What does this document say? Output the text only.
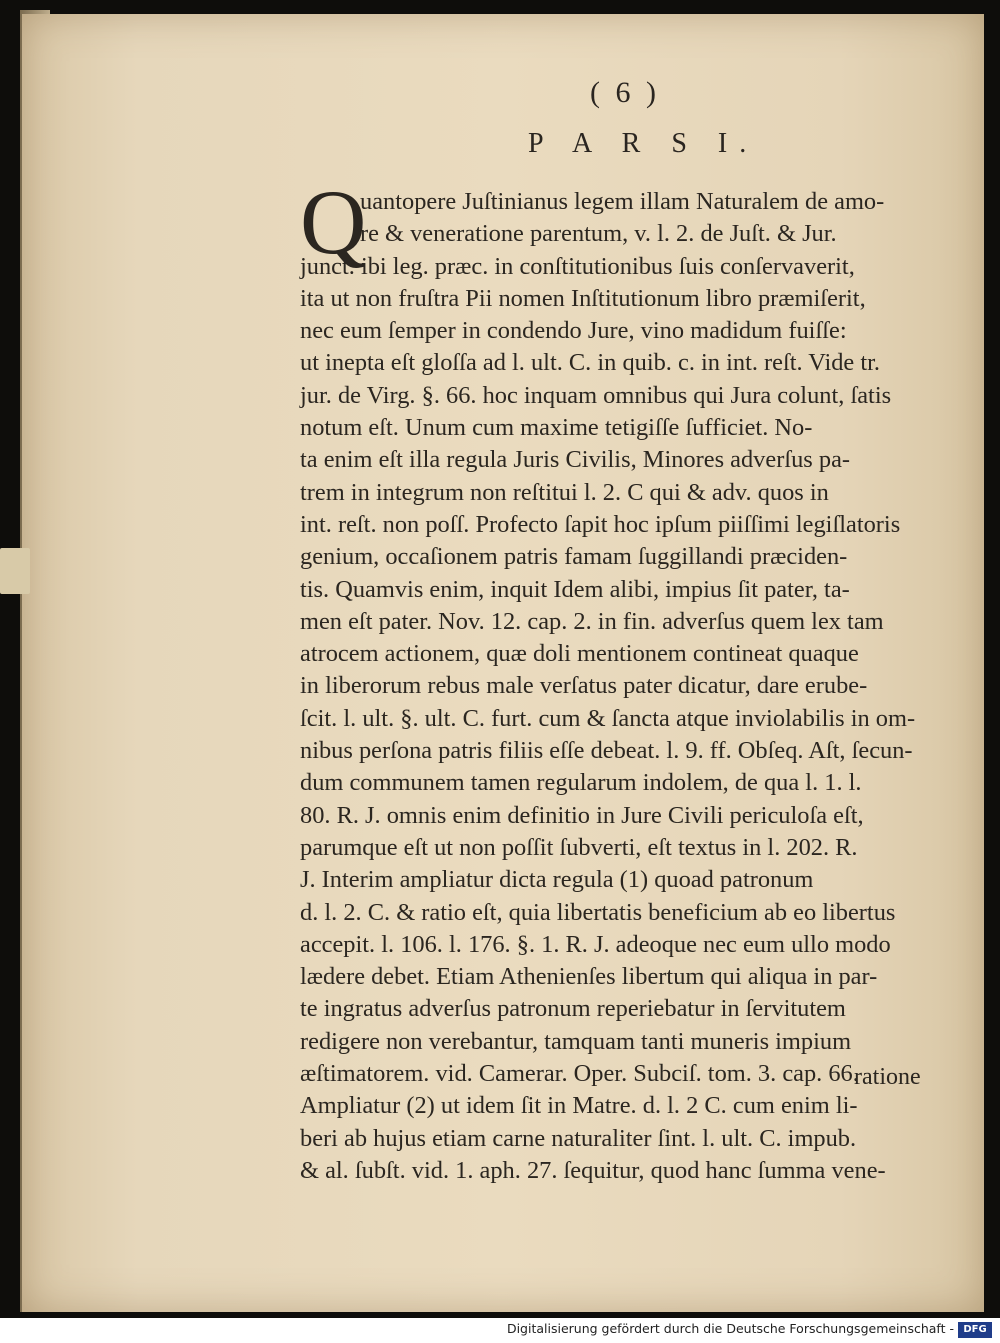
( 6 )
P A R S I.
Q
uantopere Juſtinianus legem illam Naturalem de amo-
re & veneratione parentum, v. l. 2. de Juſt. & Jur.
junct. ibi leg. præc. in conſtitutionibus ſuis conſervaverit,
ita ut non fruſtra Pii nomen Inſtitutionum libro præmiſerit,
nec eum ſemper in condendo Jure, vino madidum fuiſſe:
ut inepta eſt gloſſa ad l. ult. C. in quib. c. in int. reſt. Vide tr.
jur. de Virg. §. 66. hoc inquam omnibus qui Jura colunt, ſatis
notum eſt. Unum cum maxime tetigiſſe ſufficiet. No-
ta enim eſt illa regula Juris Civilis, Minores adverſus pa-
trem in integrum non reſtitui l. 2. C qui & adv. quos in
int. reſt. non poſſ. Profecto ſapit hoc ipſum piiſſimi legiſlatoris
genium, occaſionem patris famam ſuggillandi præciden-
tis. Quamvis enim, inquit Idem alibi, impius ſit pater, ta-
men eſt pater. Nov. 12. cap. 2. in fin. adverſus quem lex tam
atrocem actionem, quæ doli mentionem contineat quaque
in liberorum rebus male verſatus pater dicatur, dare erube-
ſcit. l. ult. §. ult. C. furt. cum & ſancta atque inviolabilis in om-
nibus perſona patris filiis eſſe debeat. l. 9. ff. Obſeq. Aſt, ſecun-
dum communem tamen regularum indolem, de qua l. 1. l.
80. R. J. omnis enim definitio in Jure Civili periculoſa eſt,
parumque eſt ut non poſſit ſubverti, eſt textus in l. 202. R.
J. Interim ampliatur dicta regula (1) quoad patronum
d. l. 2. C. & ratio eſt, quia libertatis beneficium ab eo libertus
accepit. l. 106. l. 176. §. 1. R. J. adeoque nec eum ullo modo
lædere debet. Etiam Athenienſes libertum qui aliqua in par-
te ingratus adverſus patronum reperiebatur in ſervitutem
redigere non verebantur, tamquam tanti muneris impium
æſtimatorem. vid. Camerar. Oper. Subciſ. tom. 3. cap. 66.
Ampliatur (2) ut idem ſit in Matre. d. l. 2 C. cum enim li-
beri ab hujus etiam carne naturaliter ſint. l. ult. C. impub.
& al. ſubſt. vid. 1. aph. 27. ſequitur, quod hanc ſumma vene-
ratione
Digitalisierung gefördert durch die Deutsche Forschungsgemeinschaft - DFG
